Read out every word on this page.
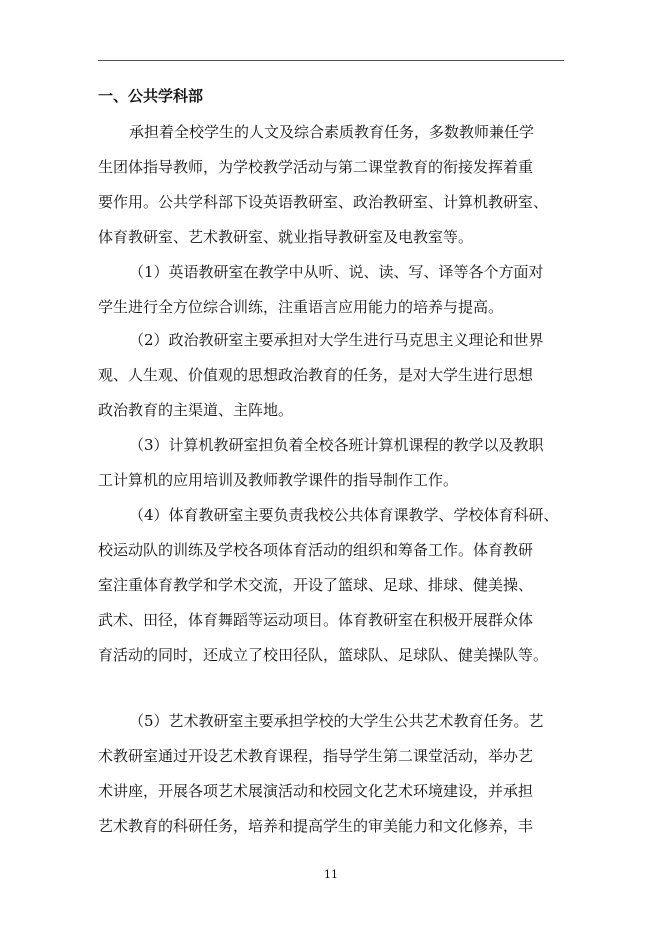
一、公共学科部
承担着全校学生的人文及综合素质教育任务，多数教师兼任学
生团体指导教师，为学校教学活动与第二课堂教育的衔接发挥着重
要作用。公共学科部下设英语教研室、政治教研室、计算机教研室、
体育教研室、艺术教研室、就业指导教研室及电教室等。
（1）英语教研室在教学中从听、说、读、写、译等各个方面对
学生进行全方位综合训练，注重语言应用能力的培养与提高。
（2）政治教研室主要承担对大学生进行马克思主义理论和世界
观、人生观、价值观的思想政治教育的任务，是对大学生进行思想
政治教育的主渠道、主阵地。
（3）计算机教研室担负着全校各班计算机课程的教学以及教职
工计算机的应用培训及教师教学课件的指导制作工作。
（4）体育教研室主要负责我校公共体育课教学、学校体育科研、
校运动队的训练及学校各项体育活动的组织和筹备工作。体育教研
室注重体育教学和学术交流，开设了篮球、足球、排球、健美操、
武术、田径，体育舞蹈等运动项目。体育教研室在积极开展群众体
育活动的同时，还成立了校田径队，篮球队、足球队、健美操队等。
（5）艺术教研室主要承担学校的大学生公共艺术教育任务。艺
术教研室通过开设艺术教育课程，指导学生第二课堂活动，举办艺
术讲座，开展各项艺术展演活动和校园文化艺术环境建设，并承担
艺术教育的科研任务，培养和提高学生的审美能力和文化修养，丰
11
